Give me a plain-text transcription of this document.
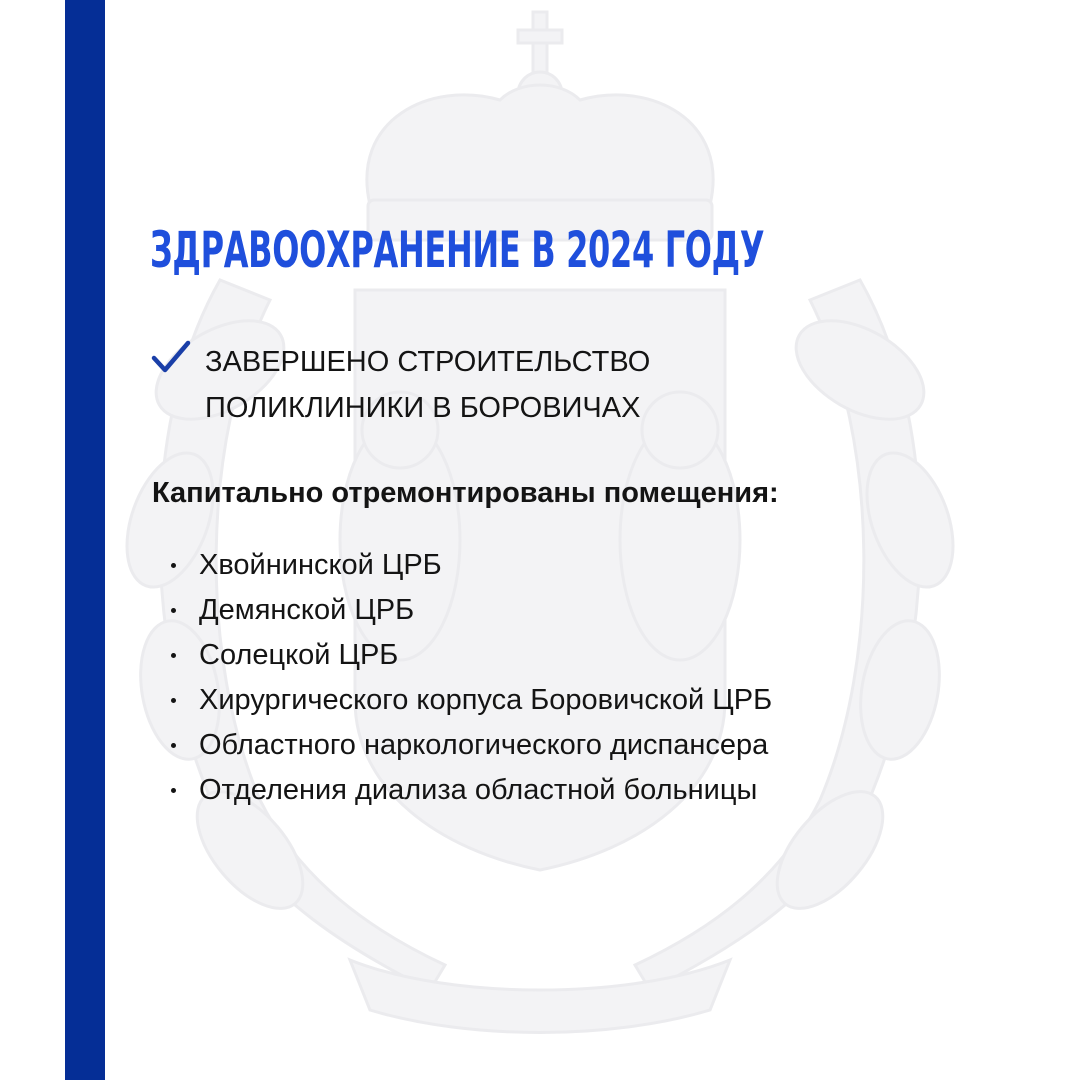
ЗДРАВООХРАНЕНИЕ В 2024 ГОДУ
ЗАВЕРШЕНО СТРОИТЕЛЬСТВО
ПОЛИКЛИНИКИ В БОРОВИЧАХ
Капитально отремонтированы помещения:
Хвойнинской ЦРБ
Демянской ЦРБ
Солецкой ЦРБ
Хирургического корпуса Боровичской ЦРБ
Областного наркологического диспансера
Отделения диализа областной больницы
